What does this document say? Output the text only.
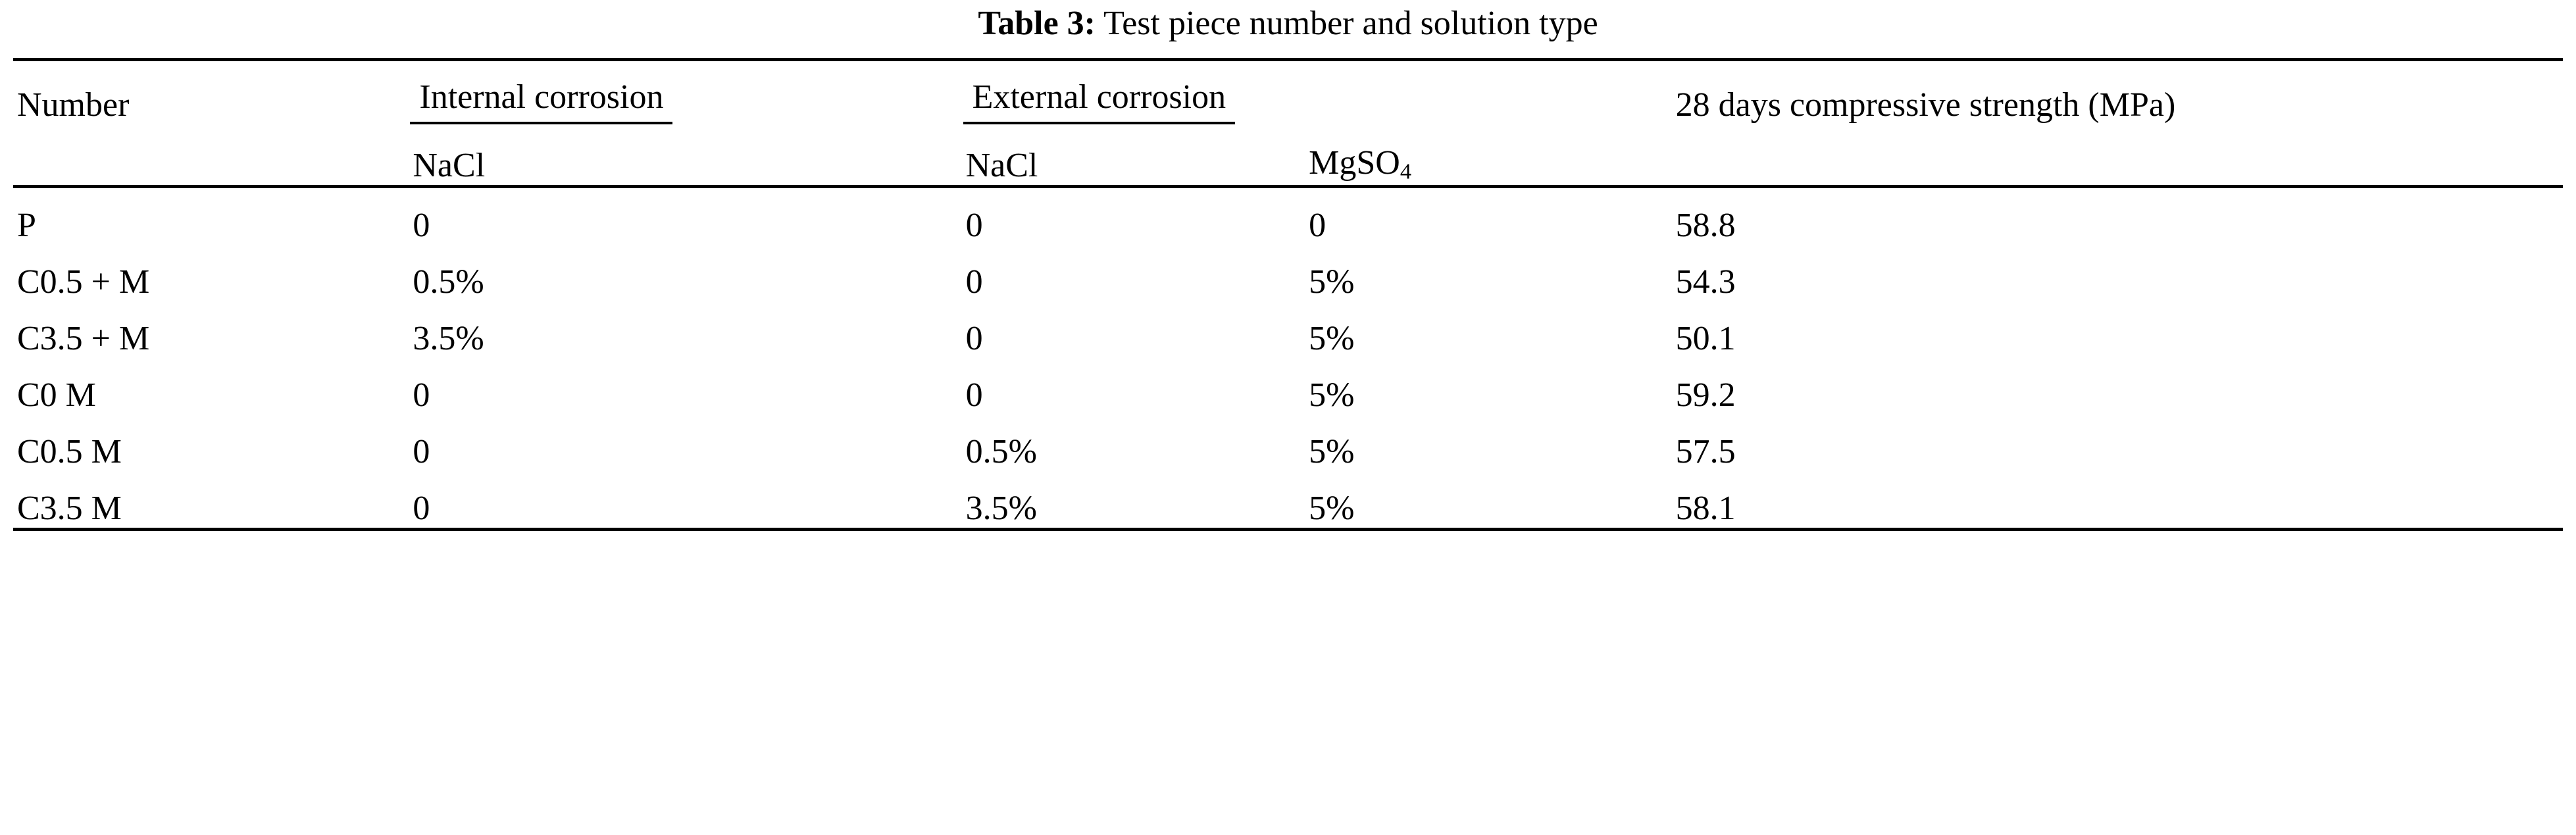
Table 3: Test piece number and solution type
Number	Internal corrosion	External corrosion		28 days compressive strength (MPa)
	NaCl	NaCl	MgSO$_4$	
P	0	0	0	58.8
C0.5 + M	0.5%	0	5%	54.3
C3.5 + M	3.5%	0	5%	50.1
C0 M	0	0	5%	59.2
C0.5 M	0	0.5%	5%	57.5
C3.5 M	0	3.5%	5%	58.1
